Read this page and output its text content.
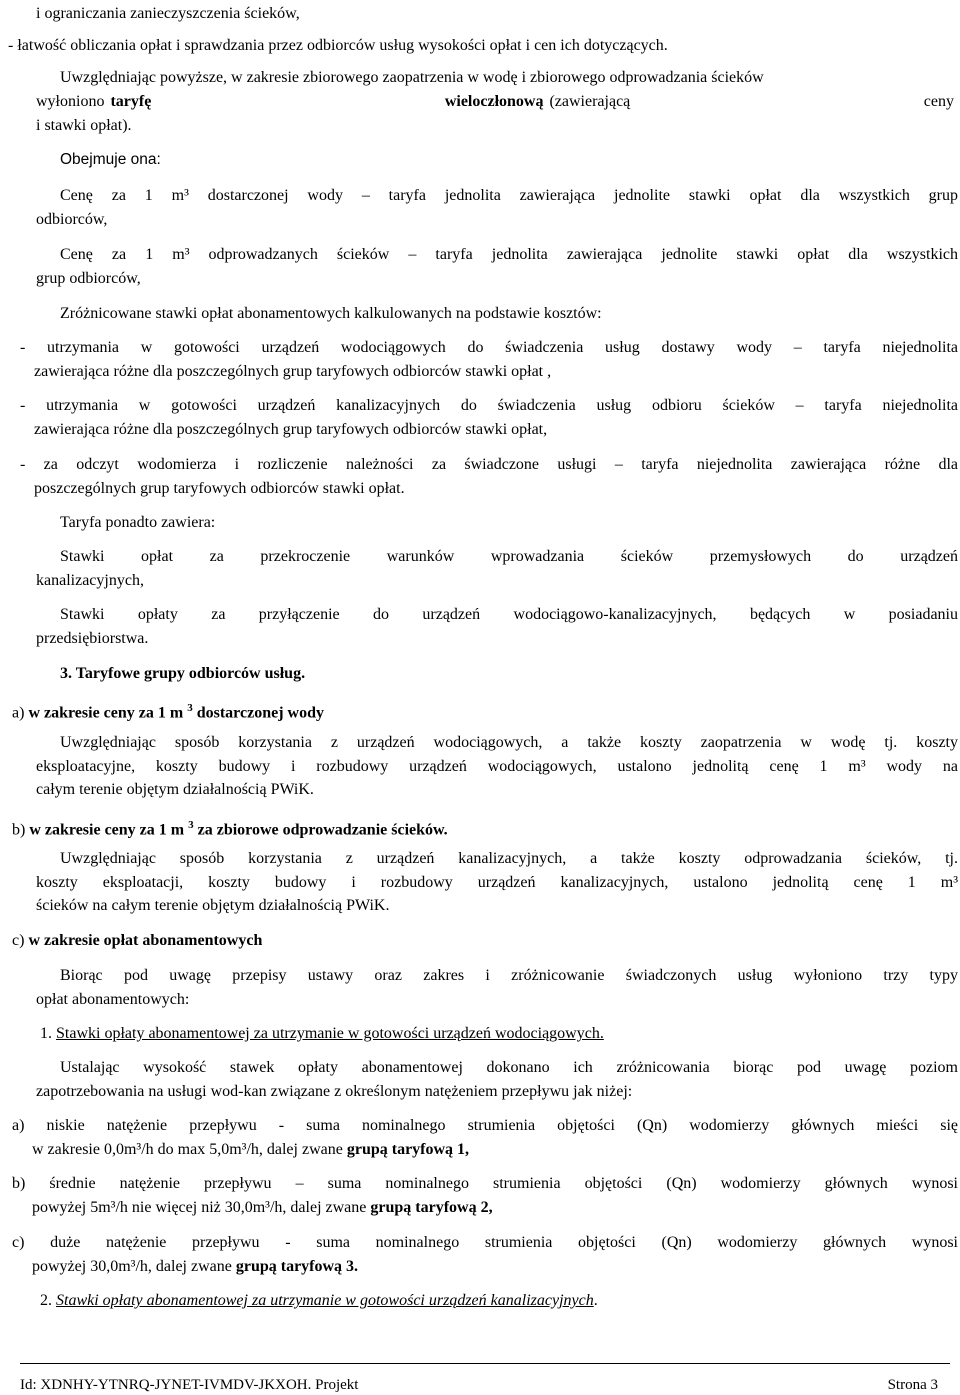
i ograniczania zanieczyszczenia ścieków,
- łatwość obliczania opłat i sprawdzania przez odbiorców usług wysokości opłat i cen ich dotyczących.
Uwzględniając powyższe, w zakresie zbiorowego zaopatrzenia w wodę i zbiorowego odprowadzania ścieków
wyłoniono taryfę	wieloczłonową (zawierającą	ceny
i stawki opłat).
Obejmuje ona:
Cenę za 1 m³ dostarczonej wody – taryfa jednolita zawierająca jednolite stawki opłat dla wszystkich grup
odbiorców,
Cenę za 1 m³ odprowadzanych ścieków – taryfa jednolita zawierająca jednolite stawki opłat dla wszystkich
grup odbiorców,
Zróżnicowane stawki opłat abonamentowych kalkulowanych na podstawie kosztów:
- utrzymania w gotowości urządzeń wodociągowych do świadczenia usług dostawy wody – taryfa niejednolita
zawierająca różne dla poszczególnych grup taryfowych odbiorców stawki opłat ,
- utrzymania w gotowości urządzeń kanalizacyjnych do świadczenia usług odbioru ścieków – taryfa niejednolita
zawierająca różne dla poszczególnych grup taryfowych odbiorców stawki opłat,
- za odczyt wodomierza i rozliczenie należności za świadczone usługi – taryfa niejednolita zawierająca różne dla
poszczególnych grup taryfowych odbiorców stawki opłat.
Taryfa ponadto zawiera:
Stawki opłat za przekroczenie warunków wprowadzania ścieków przemysłowych do urządzeń
kanalizacyjnych,
Stawki opłaty za przyłączenie do urządzeń wodociągowo-kanalizacyjnych, będących w posiadaniu
przedsiębiorstwa.
3. Taryfowe grupy odbiorców usług.
a) w zakresie ceny za 1 m $^3$ dostarczonej wody
Uwzględniając sposób korzystania z urządzeń wodociągowych, a także koszty zaopatrzenia w wodę tj. koszty
eksploatacyjne, koszty budowy i rozbudowy urządzeń wodociągowych, ustalono jednolitą cenę 1 m³ wody na
całym terenie objętym działalnością PWiK.
b) w zakresie ceny za 1 m $^3$ za zbiorowe odprowadzanie ścieków.
Uwzględniając sposób korzystania z urządzeń kanalizacyjnych, a także koszty odprowadzania ścieków, tj.
koszty eksploatacji, koszty budowy i rozbudowy urządzeń kanalizacyjnych, ustalono jednolitą cenę 1 m³
ścieków na całym terenie objętym działalnością PWiK.
c) w zakresie opłat abonamentowych
Biorąc pod uwagę przepisy ustawy oraz zakres i zróżnicowanie świadczonych usług wyłoniono trzy typy
opłat abonamentowych:
1. Stawki opłaty abonamentowej za utrzymanie w gotowości urządzeń wodociągowych.
Ustalając wysokość stawek opłaty abonamentowej dokonano ich zróżnicowania biorąc pod uwagę poziom
zapotrzebowania na usługi wod-kan związane z określonym natężeniem przepływu jak niżej:
a) niskie natężenie przepływu - suma nominalnego strumienia objętości (Qn) wodomierzy głównych mieści się
w zakresie 0,0m³/h do max 5,0m³/h, dalej zwane grupą taryfową 1,
b) średnie natężenie przepływu – suma nominalnego strumienia objętości (Qn) wodomierzy głównych wynosi
powyżej 5m³/h nie więcej niż 30,0m³/h, dalej zwane grupą taryfową 2,
c) duże natężenie przepływu - suma nominalnego strumienia objętości (Qn) wodomierzy głównych wynosi
powyżej 30,0m³/h, dalej zwane grupą taryfową 3.
2. Stawki opłaty abonamentowej za utrzymanie w gotowości urządzeń kanalizacyjnych.
Id: XDNHY-YTNRQ-JYNET-IVMDV-JKXOH. Projekt	Strona 3
